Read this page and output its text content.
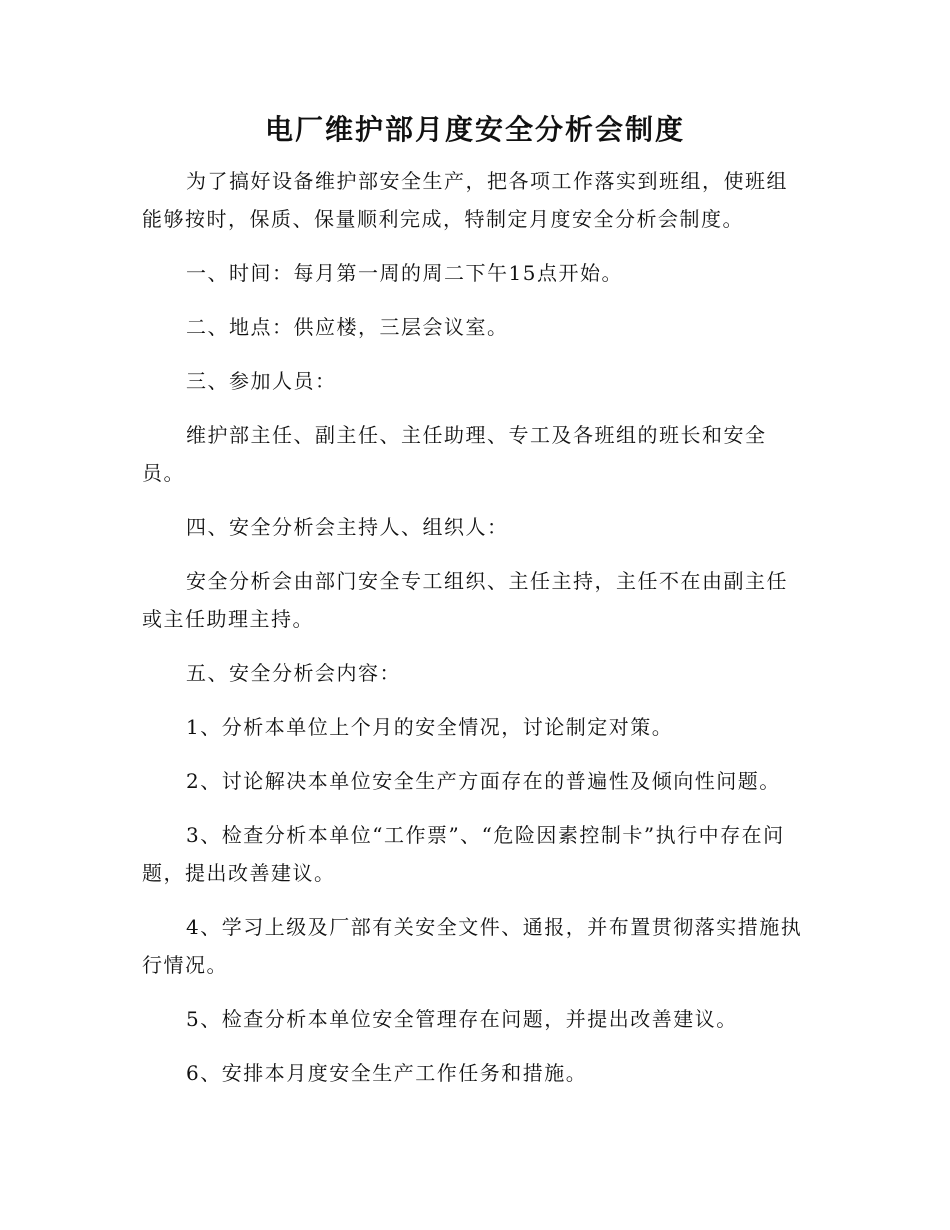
电厂维护部月度安全分析会制度

为了搞好设备维护部安全生产，把各项工作落实到班组，使班组能够按时，保质、保量顺利完成，特制定月度安全分析会制度。

一、时间：每月第一周的周二下午15点开始。

二、地点：供应楼，三层会议室。

三、参加人员：

维护部主任、副主任、主任助理、专工及各班组的班长和安全员。

四、安全分析会主持人、组织人：

安全分析会由部门安全专工组织、主任主持，主任不在由副主任或主任助理主持。

五、安全分析会内容：

1、分析本单位上个月的安全情况，讨论制定对策。

2、讨论解决本单位安全生产方面存在的普遍性及倾向性问题。

3、检查分析本单位“工作票”、“危险因素控制卡”执行中存在问题，提出改善建议。

4、学习上级及厂部有关安全文件、通报，并布置贯彻落实措施执行情况。

5、检查分析本单位安全管理存在问题，并提出改善建议。

6、安排本月度安全生产工作任务和措施。
